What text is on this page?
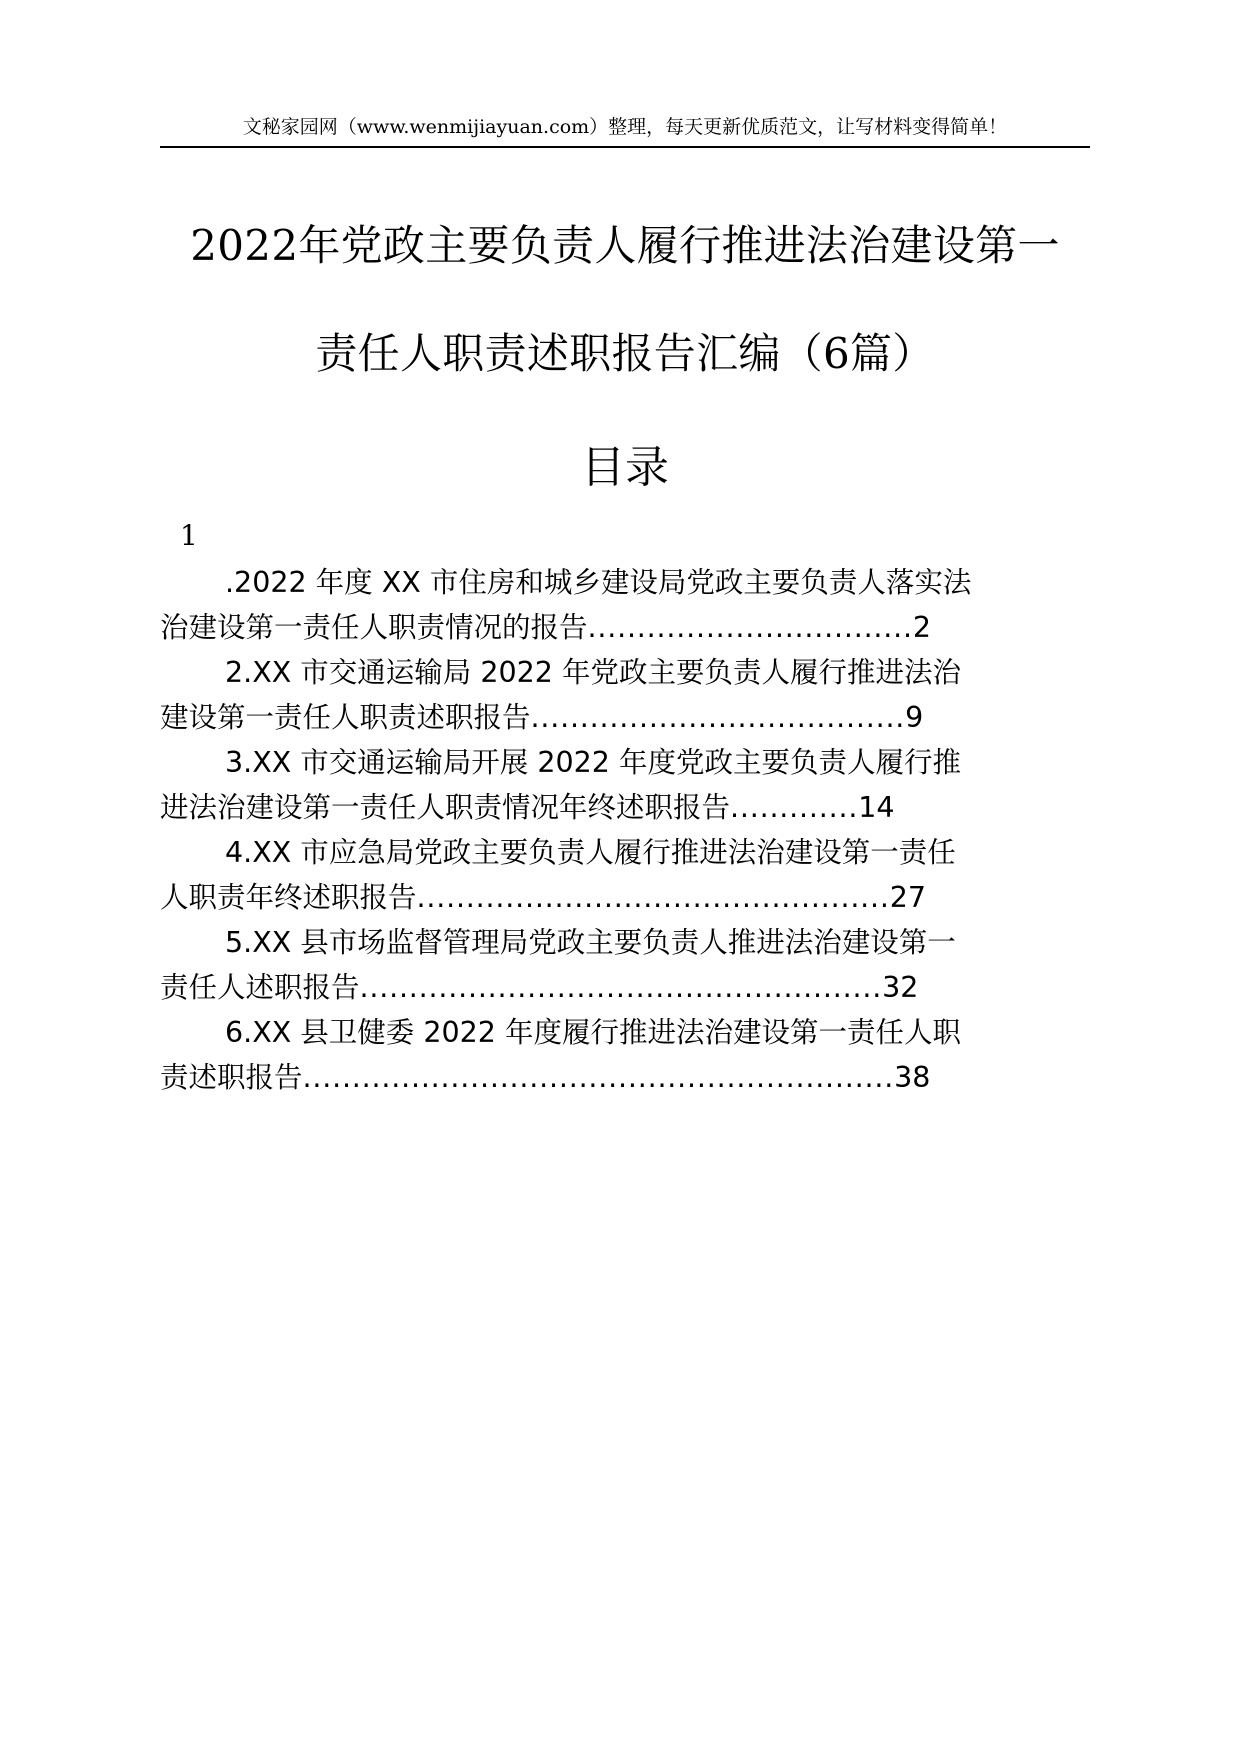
文秘家园网（www.wenmijiayuan.com）整理，每天更新优质范文，让写材料变得简单！
2022年党政主要负责人履行推进法治建设第一
责任人职责述职报告汇编（6篇）
目录
1
.2022 年度 XX 市住房和城乡建设局党政主要负责人落实法
治建设第一责任人职责情况的报告.................................2
2.XX 市交通运输局 2022 年党政主要负责人履行推进法治
建设第一责任人职责述职报告......................................9
3.XX 市交通运输局开展 2022 年度党政主要负责人履行推
进法治建设第一责任人职责情况年终述职报告.............14
4.XX 市应急局党政主要负责人履行推进法治建设第一责任
人职责年终述职报告................................................27
5.XX 县市场监督管理局党政主要负责人推进法治建设第一
责任人述职报告.....................................................32
6.XX 县卫健委 2022 年度履行推进法治建设第一责任人职
责述职报告............................................................38
